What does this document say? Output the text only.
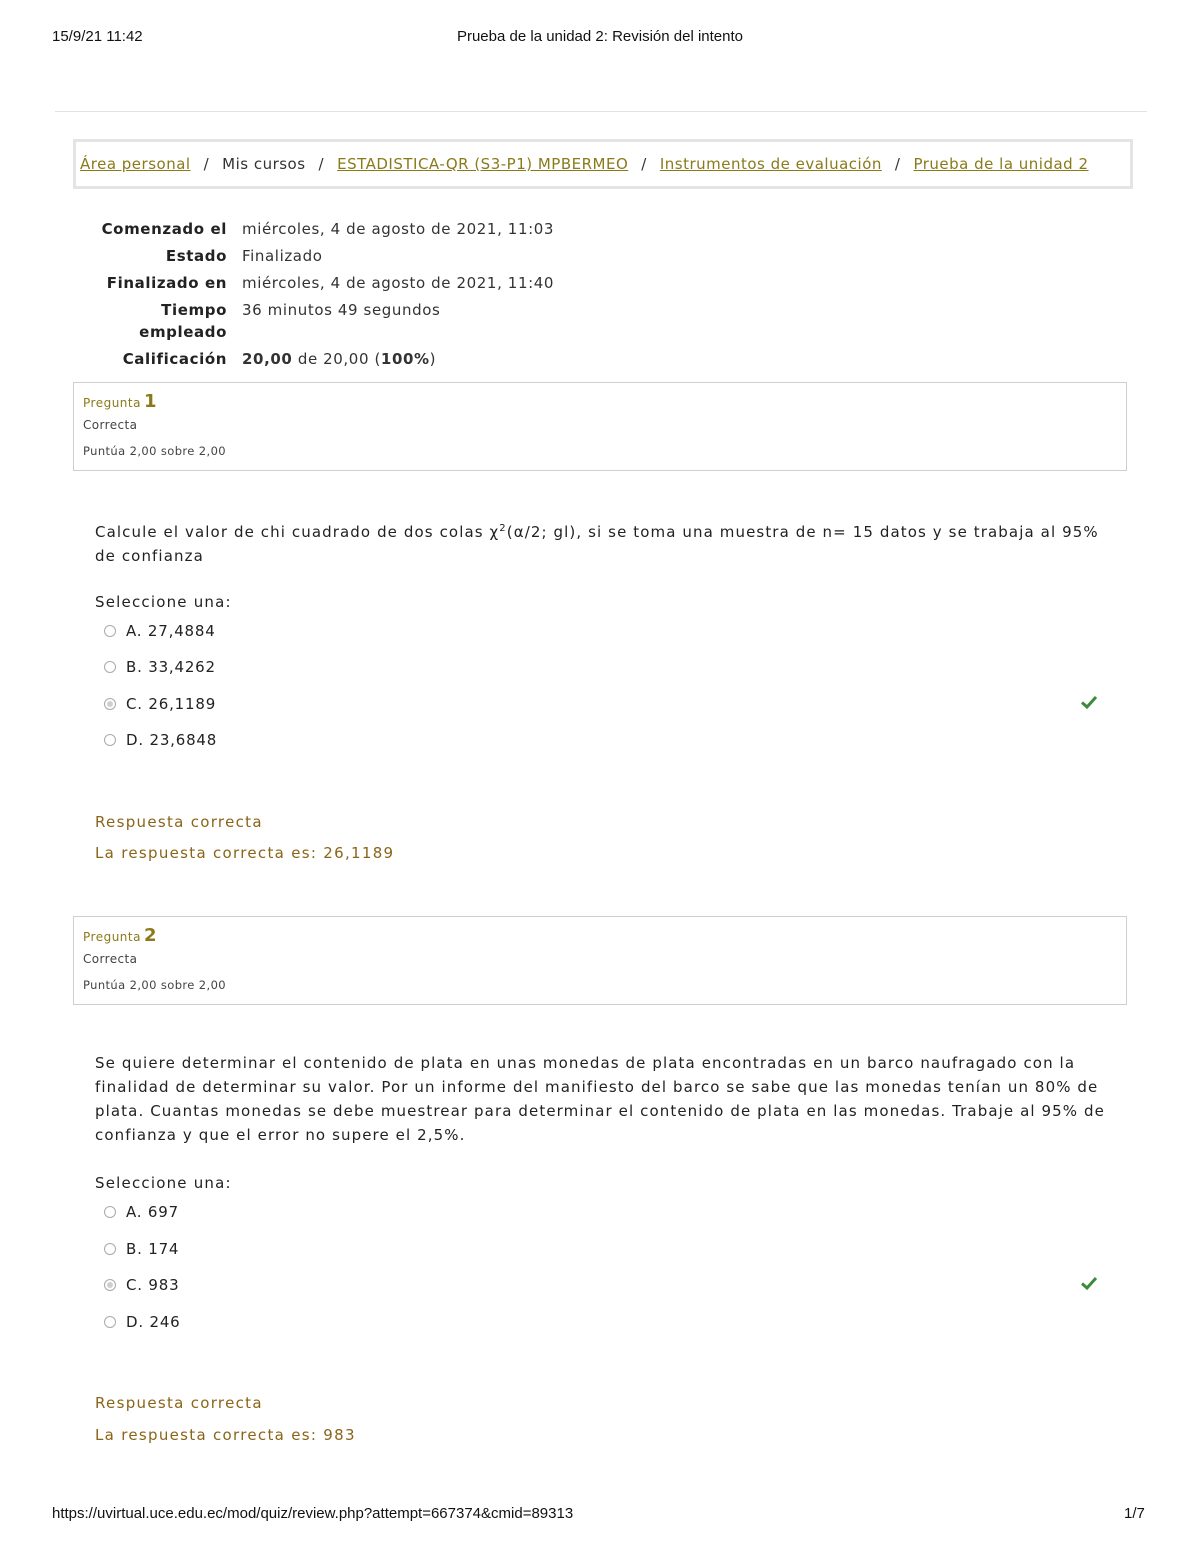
15/9/21 11:42	Prueba de la unidad 2: Revisión del intento
Área personal / Mis cursos / ESTADISTICA-QR (S3-P1) MPBERMEO / Instrumentos de evaluación / Prueba de la unidad 2
Comenzado el miércoles, 4 de agosto de 2021, 11:03
Estado Finalizado
Finalizado en miércoles, 4 de agosto de 2021, 11:40
Tiempo
empleado
36 minutos 49 segundos
Calificación 20,00 de 20,00 (100%)
Pregunta 1
Correcta
Puntúa 2,00 sobre 2,00
Calcule el valor de chi cuadrado de dos colas $\chi^2(\alpha/2$; gl), si se toma una muestra de n= 15 datos y se trabaja al 95% de confianza
Seleccione una:
A. 27,4884
B. 33,4262
C. 26,1189
D. 23,6848
Respuesta correcta
La respuesta correcta es: 26,1189
Pregunta 2
Correcta
Puntúa 2,00 sobre 2,00
Se quiere determinar el contenido de plata en unas monedas de plata encontradas en un barco naufragado con la finalidad de determinar su valor. Por un informe del manifiesto del barco se sabe que las monedas tenían un 80% de plata. Cuantas monedas se debe muestrear para determinar el contenido de plata en las monedas. Trabaje al 95% de confianza y que el error no supere el 2,5%.
Seleccione una:
A. 697
B. 174
C. 983
D. 246
Respuesta correcta
La respuesta correcta es: 983
https://uvirtual.uce.edu.ec/mod/quiz/review.php?attempt=667374&cmid=89313	1/7
